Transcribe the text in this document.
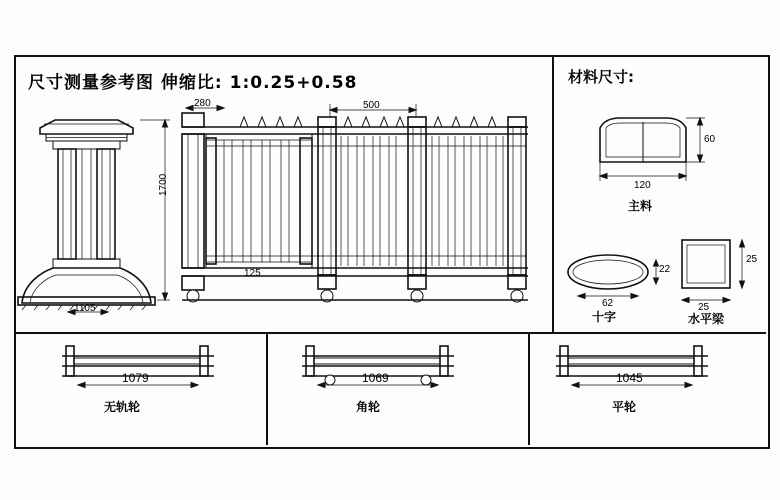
尺寸测量参考图 伸缩比: 1:0.25+0.58	材料尺寸:
1700
1105
280	500
125
60
120
主料
62
22
十字
25
25
水平梁
1079
无轨轮
1069
角轮
1045
平轮
